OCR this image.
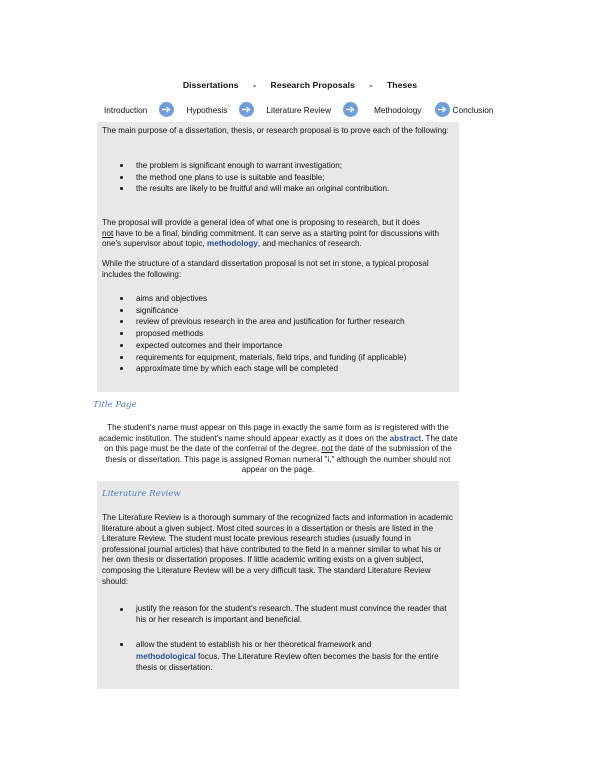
Dissertations - Research Proposals - Theses
Introduction	Hypothesis	Literature Review	Methodology	Conclusion
The main purpose of a dissertation, thesis, or research proposal is to prove each of the following:
the problem is significant enough to warrant investigation;
the method one plans to use is suitable and feasible;
the results are likely to be fruitful and will make an original contribution.
The proposal will provide a general idea of what one is proposing to research, but it does
not have to be a final, binding commitment. It can serve as a starting point for discussions with one's supervisor about topic, methodology, and mechanics of research.
While the structure of a standard dissertation proposal is not set in stone, a typical proposal includes the following:
aims and objectives
significance
review of previous research in the area and justification for further research
proposed methods
expected outcomes and their importance
requirements for equipment, materials, field trips, and funding (if applicable)
approximate time by which each stage will be completed
Title Page
The student's name must appear on this page in exactly the same form as is registered with the academic institution. The student's name should appear exactly as it does on the abstract. The date on this page must be the date of the conferral of the degree, not the date of the submission of the thesis or dissertation. This page is assigned Roman numeral "i," although the number should not appear on the page.
Literature Review
The Literature Review is a thorough summary of the recognized facts and information in academic literature about a given subject. Most cited sources in a dissertation or thesis are listed in the Literature Review. The student must locate previous research studies (usually found in professional journal articles) that have contributed to the field in a manner similar to what his or her own thesis or dissertation proposes. If little academic writing exists on a given subject, composing the Literature Review will be a very difficult task. The standard Literature Review should:
justify the reason for the student's research. The student must convince the reader that his or her research is important and beneficial.
allow the student to establish his or her theoretical framework and
methodological focus. The Literature Review often becomes the basis for the entire thesis or dissertation.
